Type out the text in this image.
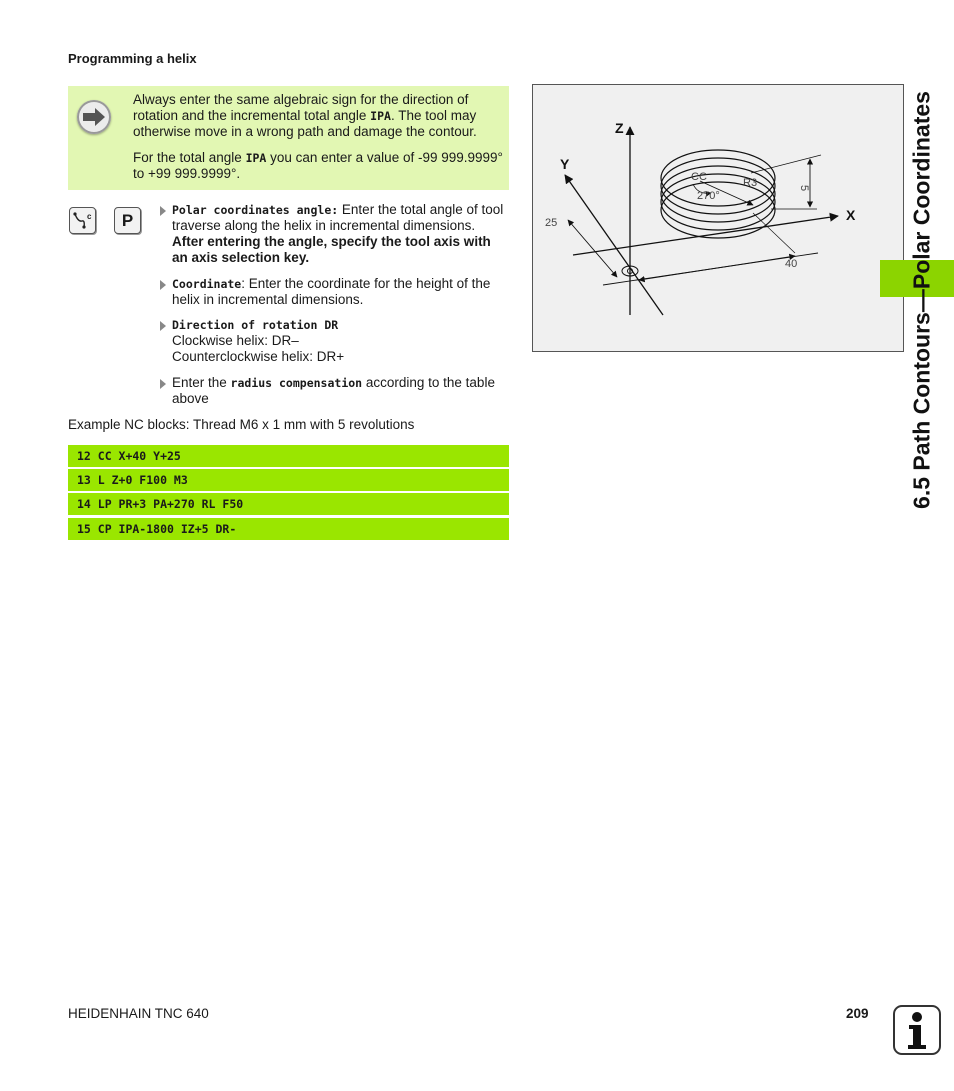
Programming a helix

Always enter the same algebraic sign for the direction of rotation and the incremental total angle IPA. The tool may otherwise move in a wrong path and damage the contour.

For the total angle IPA you can enter a value of -99 999.9999° to +99 999.9999°.

c	P
Polar coordinates angle: Enter the total angle of tool traverse along the helix in incremental dimensions. After entering the angle, specify the tool axis with an axis selection key.
Coordinate: Enter the coordinate for the height of the helix in incremental dimensions.
Direction of rotation DR
Clockwise helix: DR–
Counterclockwise helix: DR+
Enter the radius compensation according to the table above
Example NC blocks: Thread M6 x 1 mm with 5 revolutions
12 CC X+40 Y+25
13 L Z+0 F100 M3
14 LP PR+3 PA+270 RL F50
15 CP IPA-1800 IZ+5 DR-
Z
Y
X
CC	R3
270°
5
25
40	6.5 Path Contours—Polar Coordinates
HEIDENHAIN TNC 640	209
